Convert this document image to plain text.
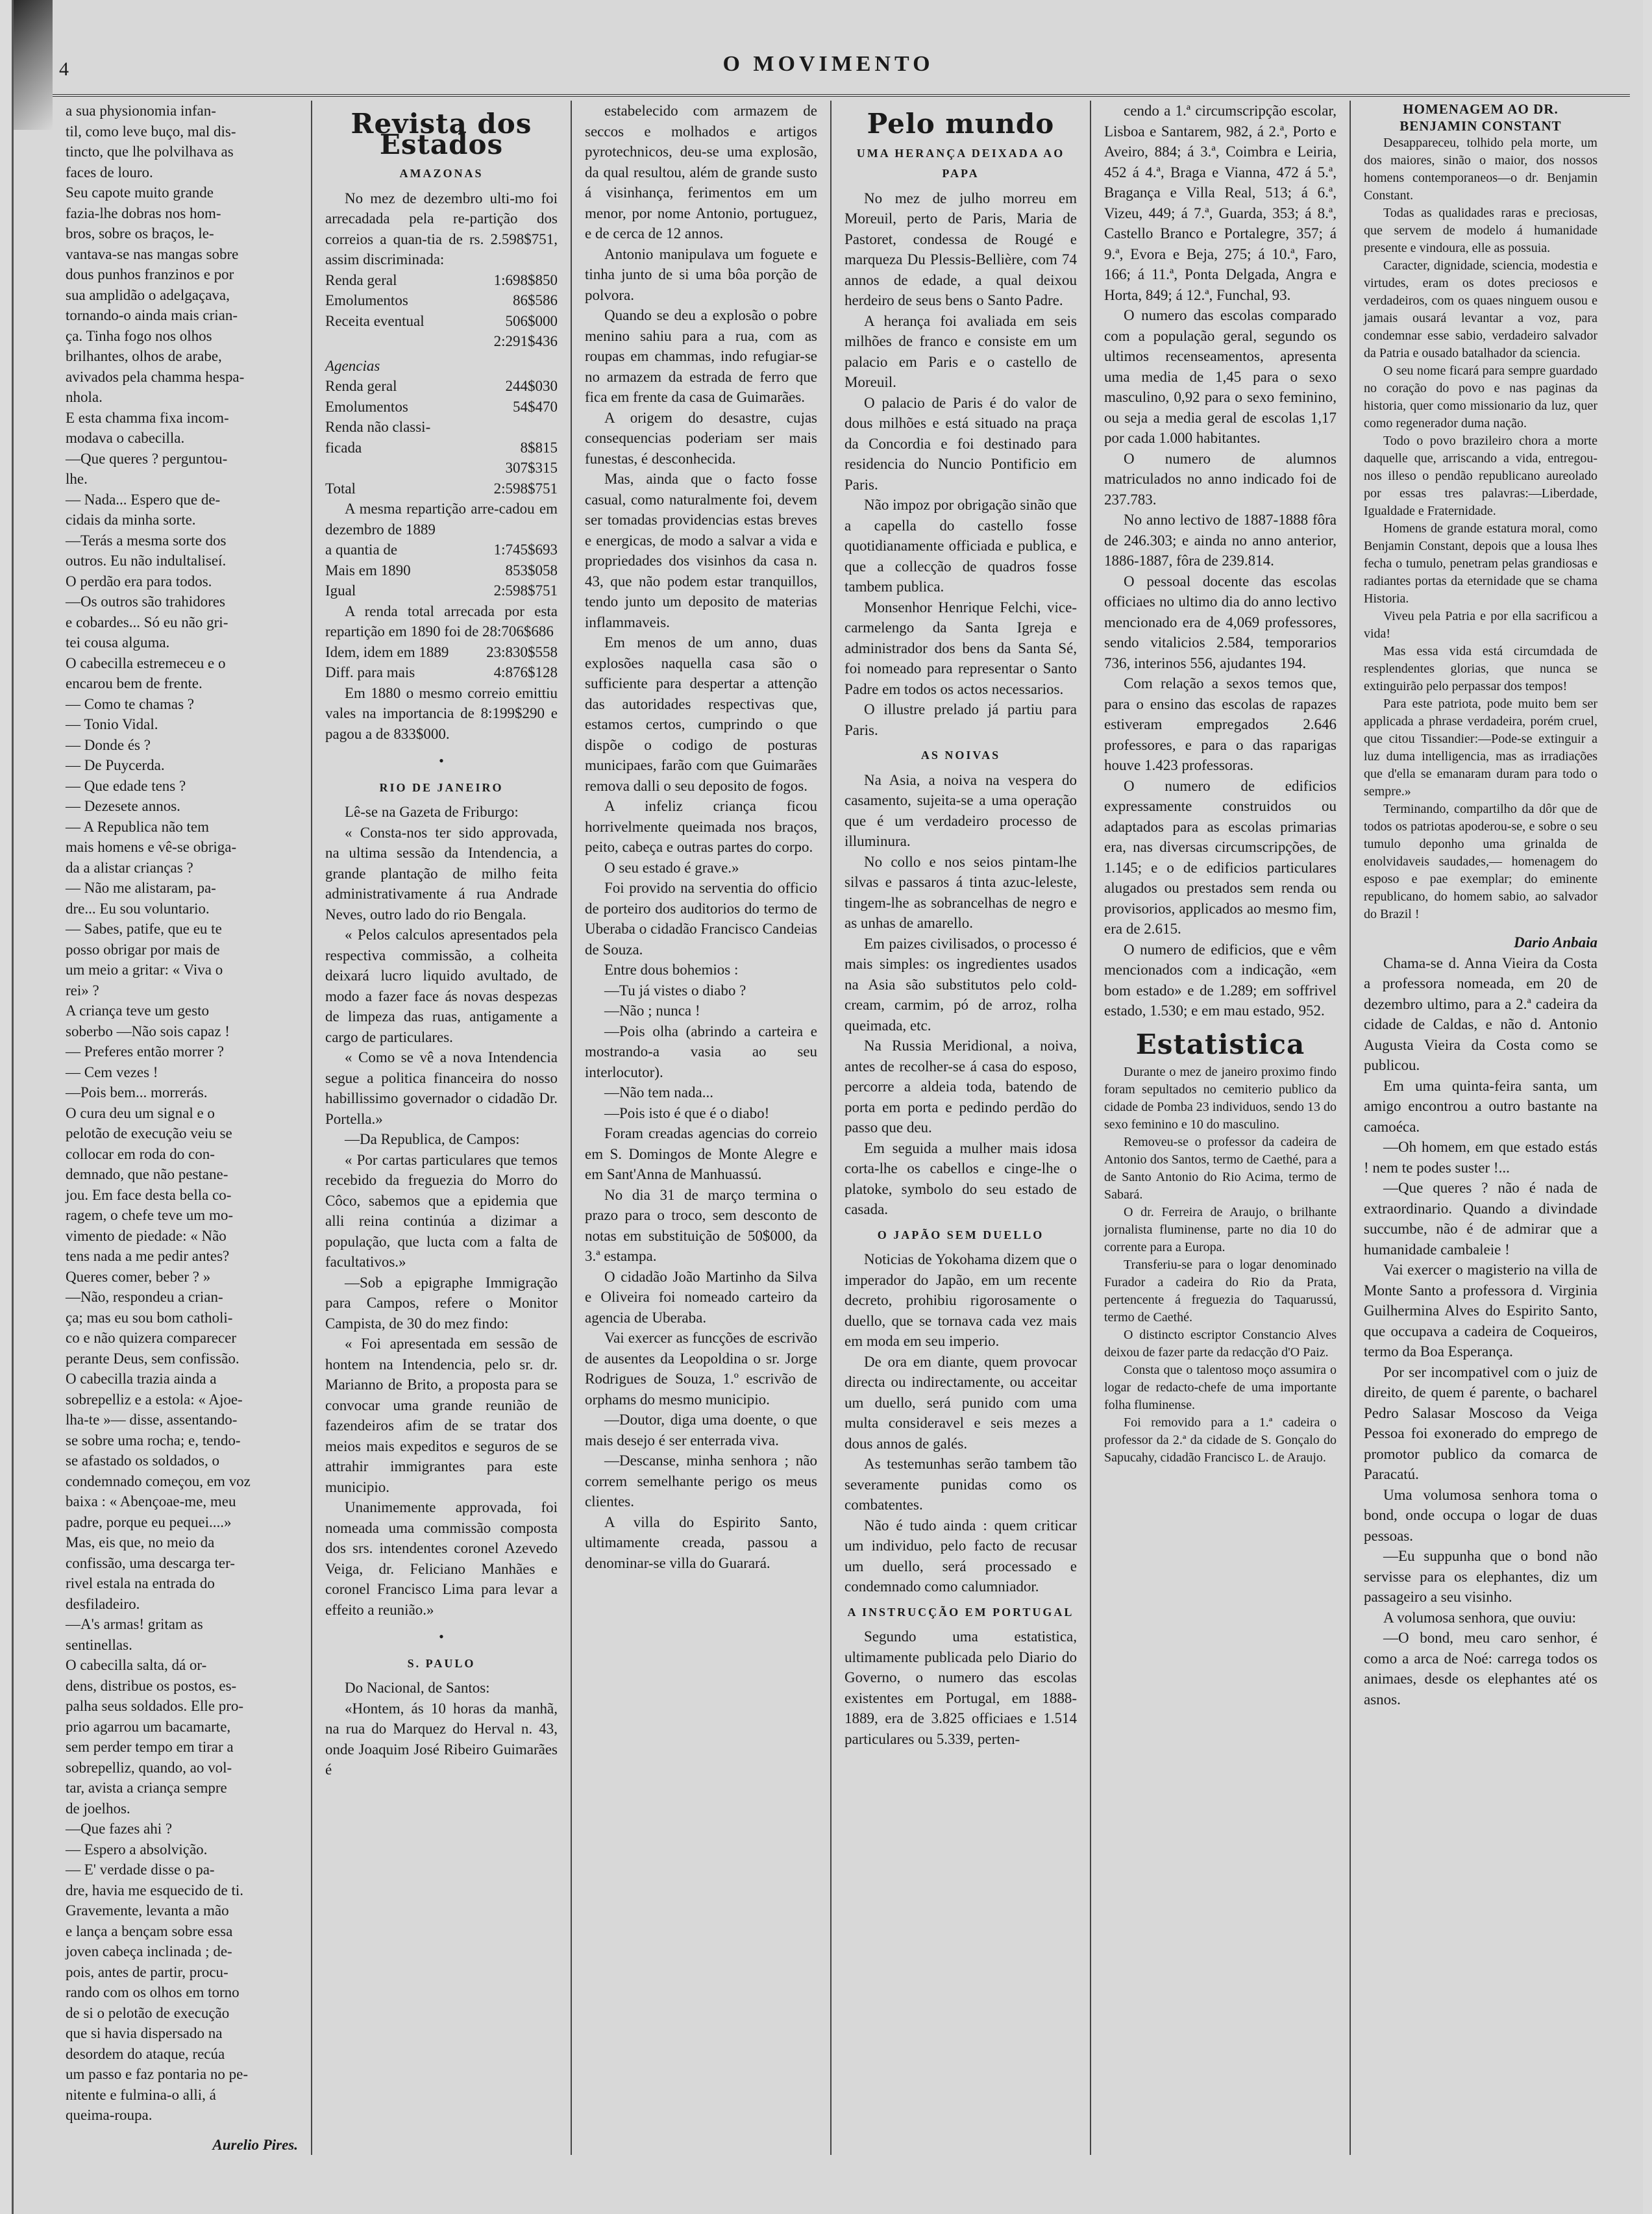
4	O MOVIMENTO
a sua physionomia infan-
til, como leve buço, mal dis-
tincto, que lhe polvilhava as
faces de louro.
Seu capote muito grande
fazia-lhe dobras nos hom-
bros, sobre os braços, le-
vantava-se nas mangas sobre
dous punhos franzinos e por
sua amplidão o adelgaçava,
tornando-o ainda mais crian-
ça. Tinha fogo nos olhos
brilhantes, olhos de arabe,
avivados pela chamma hespa-
nhola.
E esta chamma fixa incom-
modava o cabecilla.
—Que queres ? perguntou-
lhe.
— Nada... Espero que de-
cidais da minha sorte.
—Terás a mesma sorte dos
outros. Eu não indultaliseí.
O perdão era para todos.
—Os outros são trahidores
e cobardes... Só eu não gri-
tei cousa alguma.
O cabecilla estremeceu e o
encarou bem de frente.
— Como te chamas ?
— Tonio Vidal.
— Donde és ?
— De Puycerda.
— Que edade tens ?
— Dezesete annos.
— A Republica não tem
mais homens e vê-se obriga-
da a alistar crianças ?
— Não me alistaram, pa-
dre... Eu sou voluntario.
— Sabes, patife, que eu te
posso obrigar por mais de
um meio a gritar: « Viva o
rei» ?
A criança teve um gesto
soberbo —Não sois capaz !
— Preferes então morrer ?
— Cem vezes !
—Pois bem... morrerás.
O cura deu um signal e o
pelotão de execução veiu se
collocar em roda do con-
demnado, que não pestane-
jou. Em face desta bella co-
ragem, o chefe teve um mo-
vimento de piedade: « Não
tens nada a me pedir antes?
Queres comer, beber ? »
—Não, respondeu a crian-
ça; mas eu sou bom catholi-
co e não quizera comparecer
perante Deus, sem confissão.
O cabecilla trazia ainda a
sobrepelliz e a estola: « Ajoe-
lha-te »— disse, assentando-
se sobre uma rocha; e, tendo-
se afastado os soldados, o
condemnado começou, em voz
baixa : « Abençoae-me, meu
padre, porque eu pequei....»
Mas, eis que, no meio da
confissão, uma descarga ter-
rivel estala na entrada do
desfiladeiro.
—A's armas! gritam as
sentinellas.
O cabecilla salta, dá or-
dens, distribue os postos, es-
palha seus soldados. Elle pro-
prio agarrou um bacamarte,
sem perder tempo em tirar a
sobrepelliz, quando, ao vol-
tar, avista a criança sempre
de joelhos.
—Que fazes ahi ?
— Espero a absolvição.
— E' verdade disse o pa-
dre, havia me esquecido de ti.
Gravemente, levanta a mão
e lança a bençam sobre essa
joven cabeça inclinada ; de-
pois, antes de partir, procu-
rando com os olhos em torno
de si o pelotão de execução
que si havia dispersado na
desordem do ataque, recúa
um passo e faz pontaria no pe-
nitente e fulmina-o alli, á
queima-roupa.
Aurelio Pires.
Revista dos Estados
AMAZONAS

No mez de dezembro ulti-mo foi arrecadada pela re-partição dos correios a quan-tia de rs. 2.598$751, assim discriminada:

Renda geral	1:698$850
Emolumentos	86$586
Receita eventual	506$000
2:291$436
Agencias
Renda geral	244$030
Emolumentos	54$470
Renda não classi-
ficada	8$815
307$315
Total	2:598$751

A mesma repartição arre-cadou em dezembro de 1889

a quantia de	1:745$693
Mais em 1890	853$058
Igual	2:598$751

A renda total arrecada por esta repartição em 1890 foi de 28:706$686

Idem, idem em 1889	23:830$558
Diff. para mais	4:876$128

Em 1880 o mesmo correio emittiu vales na importancia de 8:199$290 e pagou a de 833$000.

•
RIO DE JANEIRO

Lê-se na Gazeta de Friburgo:

« Consta-nos ter sido approvada, na ultima sessão da Intendencia, a grande plantação de milho feita administrativamente á rua Andrade Neves, outro lado do rio Bengala.

« Pelos calculos apresentados pela respectiva commissão, a colheita deixará lucro liquido avultado, de modo a fazer face ás novas despezas de limpeza das ruas, antigamente a cargo de particulares.

« Como se vê a nova Intendencia segue a politica financeira do nosso habillissimo governador o cidadão Dr. Portella.»

—Da Republica, de Campos:

« Por cartas particulares que temos recebido da freguezia do Morro do Côco, sabemos que a epidemia que alli reina continúa a dizimar a população, que lucta com a falta de facultativos.»

—Sob a epigraphe Immigração para Campos, refere o Monitor Campista, de 30 do mez findo:

« Foi apresentada em sessão de hontem na Intendencia, pelo sr. dr. Marianno de Brito, a proposta para se convocar uma grande reunião de fazendeiros afim de se tratar dos meios mais expeditos e seguros de se attrahir immigrantes para este municipio.

Unanimemente approvada, foi nomeada uma commissão composta dos srs. intendentes coronel Azevedo Veiga, dr. Feliciano Manhães e coronel Francisco Lima para levar a effeito a reunião.»

•
S. PAULO

Do Nacional, de Santos:

«Hontem, ás 10 horas da manhã, na rua do Marquez do Herval n. 43, onde Joaquim José Ribeiro Guimarães é

estabelecido com armazem de seccos e molhados e artigos pyrotechnicos, deu-se uma explosão, da qual resultou, além de grande susto á visinhança, ferimentos em um menor, por nome Antonio, portuguez, e de cerca de 12 annos.

Antonio manipulava um foguete e tinha junto de si uma bôa porção de polvora.

Quando se deu a explosão o pobre menino sahiu para a rua, com as roupas em chammas, indo refugiar-se no armazem da estrada de ferro que fica em frente da casa de Guimarães.

A origem do desastre, cujas consequencias poderiam ser mais funestas, é desconhecida.

Mas, ainda que o facto fosse casual, como naturalmente foi, devem ser tomadas providencias estas breves e energicas, de modo a salvar a vida e propriedades dos visinhos da casa n. 43, que não podem estar tranquillos, tendo junto um deposito de materias inflammaveis.

Em menos de um anno, duas explosões naquella casa são o sufficiente para despertar a attenção das autoridades respectivas que, estamos certos, cumprindo o que dispõe o codigo de posturas municipaes, farão com que Guimarães remova dalli o seu deposito de fogos.

A infeliz criança ficou horrivelmente queimada nos braços, peito, cabeça e outras partes do corpo.

O seu estado é grave.»

Foi provido na serventia do officio de porteiro dos auditorios do termo de Uberaba o cidadão Francisco Candeias de Souza.

Entre dous bohemios :

—Tu já vistes o diabo ?

—Não ; nunca !

—Pois olha (abrindo a carteira e mostrando-a vasia ao seu interlocutor).

—Não tem nada...

—Pois isto é que é o diabo!

Foram creadas agencias do correio em S. Domingos de Monte Alegre e em Sant'Anna de Manhuassú.

No dia 31 de março termina o prazo para o troco, sem desconto de notas em substituição de 50$000, da 3.ª estampa.

O cidadão João Martinho da Silva e Oliveira foi nomeado carteiro da agencia de Uberaba.

Vai exercer as funcções de escrivão de ausentes da Leopoldina o sr. Jorge Rodrigues de Souza, 1.º escrivão de orphams do mesmo municipio.

—Doutor, diga uma doente, o que mais desejo é ser enterrada viva.

—Descanse, minha senhora ; não correm semelhante perigo os meus clientes.

A villa do Espirito Santo, ultimamente creada, passou a denominar-se villa do Guarará.

Pelo mundo
UMA HERANÇA DEIXADA AO PAPA

No mez de julho morreu em Moreuil, perto de Paris, Maria de Pastoret, condessa de Rougé e marqueza Du Plessis-Bellière, com 74 annos de edade, a qual deixou herdeiro de seus bens o Santo Padre.

A herança foi avaliada em seis milhões de franco e consiste em um palacio em Paris e o castello de Moreuil.

O palacio de Paris é do valor de dous milhões e está situado na praça da Concordia e foi destinado para residencia do Nuncio Pontificio em Paris.

Não impoz por obrigação sinão que a capella do castello fosse quotidianamente officiada e publica, e que a collecção de quadros fosse tambem publica.

Monsenhor Henrique Felchi, vice-carmelengo da Santa Igreja e administrador dos bens da Santa Sé, foi nomeado para representar o Santo Padre em todos os actos necessarios.

O illustre prelado já partiu para Paris.

AS NOIVAS

Na Asia, a noiva na vespera do casamento, sujeita-se a uma operação que é um verdadeiro processo de illuminura.

No collo e nos seios pintam-lhe silvas e passaros á tinta azuc-leleste, tingem-lhe as sobrancelhas de negro e as unhas de amarello.

Em paizes civilisados, o processo é mais simples: os ingredientes usados na Asia são substitutos pelo cold-cream, carmim, pó de arroz, rolha queimada, etc.

Na Russia Meridional, a noiva, antes de recolher-se á casa do esposo, percorre a aldeia toda, batendo de porta em porta e pedindo perdão do passo que deu.

Em seguida a mulher mais idosa corta-lhe os cabellos e cinge-lhe o platoke, symbolo do seu estado de casada.

O JAPÃO SEM DUELLO

Noticias de Yokohama dizem que o imperador do Japão, em um recente decreto, prohibiu rigorosamente o duello, que se tornava cada vez mais em moda em seu imperio.

De ora em diante, quem provocar directa ou indirectamente, ou acceitar um duello, será punido com uma multa consideravel e seis mezes a dous annos de galés.

As testemunhas serão tambem tão severamente punidas como os combatentes.

Não é tudo ainda : quem criticar um individuo, pelo facto de recusar um duello, será processado e condemnado como calumniador.

A INSTRUCÇÃO EM PORTUGAL

Segundo uma estatistica, ultimamente publicada pelo Diario do Governo, o numero das escolas existentes em Portugal, em 1888-1889, era de 3.825 officiaes e 1.514 particulares ou 5.339, perten-

cendo a 1.ª circumscripção escolar, Lisboa e Santarem, 982, á 2.ª, Porto e Aveiro, 884; á 3.ª, Coimbra e Leiria, 452 á 4.ª, Braga e Vianna, 472 á 5.ª, Bragança e Villa Real, 513; á 6.ª, Vizeu, 449; á 7.ª, Guarda, 353; á 8.ª, Castello Branco e Portalegre, 357; á 9.ª, Evora e Beja, 275; á 10.ª, Faro, 166; á 11.ª, Ponta Delgada, Angra e Horta, 849; á 12.ª, Funchal, 93.

O numero das escolas comparado com a população geral, segundo os ultimos recenseamentos, apresenta uma media de 1,45 para o sexo masculino, 0,92 para o sexo feminino, ou seja a media geral de escolas 1,17 por cada 1.000 habitantes.

O numero de alumnos matriculados no anno indicado foi de 237.783.

No anno lectivo de 1887-1888 fôra de 246.303; e ainda no anno anterior, 1886-1887, fôra de 239.814.

O pessoal docente das escolas officiaes no ultimo dia do anno lectivo mencionado era de 4,069 professores, sendo vitalicios 2.584, temporarios 736, interinos 556, ajudantes 194.

Com relação a sexos temos que, para o ensino das escolas de rapazes estiveram empregados 2.646 professores, e para o das raparigas houve 1.423 professoras.

O numero de edificios expressamente construidos ou adaptados para as escolas primarias era, nas diversas circumscripções, de 1.145; e o de edificios particulares alugados ou prestados sem renda ou provisorios, applicados ao mesmo fim, era de 2.615.

O numero de edificios, que e vêm mencionados com a indicação, «em bom estado» e de 1.289; em soffrivel estado, 1.530; e em mau estado, 952.

Estatistica

Durante o mez de janeiro proximo findo foram sepultados no cemiterio publico da cidade de Pomba 23 individuos, sendo 13 do sexo feminino e 10 do masculino.

Removeu-se o professor da cadeira de Antonio dos Santos, termo de Caethé, para a de Santo Antonio do Rio Acima, termo de Sabará.

O dr. Ferreira de Araujo, o brilhante jornalista fluminense, parte no dia 10 do corrente para a Europa.

Transferiu-se para o logar denominado Furador a cadeira do Rio da Prata, pertencente á freguezia do Taquarussú, termo de Caethé.

O distincto escriptor Constancio Alves deixou de fazer parte da redacção d'O Paiz.

Consta que o talentoso moço assumira o logar de redacto-chefe de uma importante folha fluminense.

Foi removido para a 1.ª cadeira o professor da 2.ª da cidade de S. Gonçalo do Sapucahy, cidadão Francisco L. de Araujo.

HOMENAGEM AO DR. BENJAMIN CONSTANT

Desappareceu, tolhido pela morte, um dos maiores, sinão o maior, dos nossos homens contemporaneos—o dr. Benjamin Constant.

Todas as qualidades raras e preciosas, que servem de modelo á humanidade presente e vindoura, elle as possuia.

Caracter, dignidade, sciencia, modestia e virtudes, eram os dotes preciosos e verdadeiros, com os quaes ninguem ousou e jamais ousará levantar a voz, para condemnar esse sabio, verdadeiro salvador da Patria e ousado batalhador da sciencia.

O seu nome ficará para sempre guardado no coração do povo e nas paginas da historia, quer como missionario da luz, quer como regenerador duma nação.

Todo o povo brazileiro chora a morte daquelle que, arriscando a vida, entregou-nos illeso o pendão republicano aureolado por essas tres palavras:—Liberdade, Igualdade e Fraternidade.

Homens de grande estatura moral, como Benjamin Constant, depois que a lousa lhes fecha o tumulo, penetram pelas grandiosas e radiantes portas da eternidade que se chama Historia.

Viveu pela Patria e por ella sacrificou a vida!

Mas essa vida está circumdada de resplendentes glorias, que nunca se extinguirão pelo perpassar dos tempos!

Para este patriota, pode muito bem ser applicada a phrase verdadeira, porém cruel, que citou Tissandier:—Pode-se extinguir a luz duma intelligencia, mas as irradiações que d'ella se emanaram duram para todo o sempre.»

Terminando, compartilho da dôr que de todos os patriotas apoderou-se, e sobre o seu tumulo deponho uma grinalda de enolvidaveis saudades,— homenagem do esposo e pae exemplar; do eminente republicano, do homem sabio, ao salvador do Brazil !

Dario Anbaia

Chama-se d. Anna Vieira da Costa a professora nomeada, em 20 de dezembro ultimo, para a 2.ª cadeira da cidade de Caldas, e não d. Antonio Augusta Vieira da Costa como se publicou.

Em uma quinta-feira santa, um amigo encontrou a outro bastante na camoéca.

—Oh homem, em que estado estás ! nem te podes suster !...

—Que queres ? não é nada de extraordinario. Quando a divindade succumbe, não é de admirar que a humanidade cambaleie !

Vai exercer o magisterio na villa de Monte Santo a professora d. Virginia Guilhermina Alves do Espirito Santo, que occupava a cadeira de Coqueiros, termo da Boa Esperança.

Por ser incompativel com o juiz de direito, de quem é parente, o bacharel Pedro Salasar Moscoso da Veiga Pessoa foi exonerado do emprego de promotor publico da comarca de Paracatú.

Uma volumosa senhora toma o bond, onde occupa o logar de duas pessoas.

—Eu suppunha que o bond não servisse para os elephantes, diz um passageiro a seu visinho.

A volumosa senhora, que ouviu:

—O bond, meu caro senhor, é como a arca de Noé: carrega todos os animaes, desde os elephantes até os asnos.
